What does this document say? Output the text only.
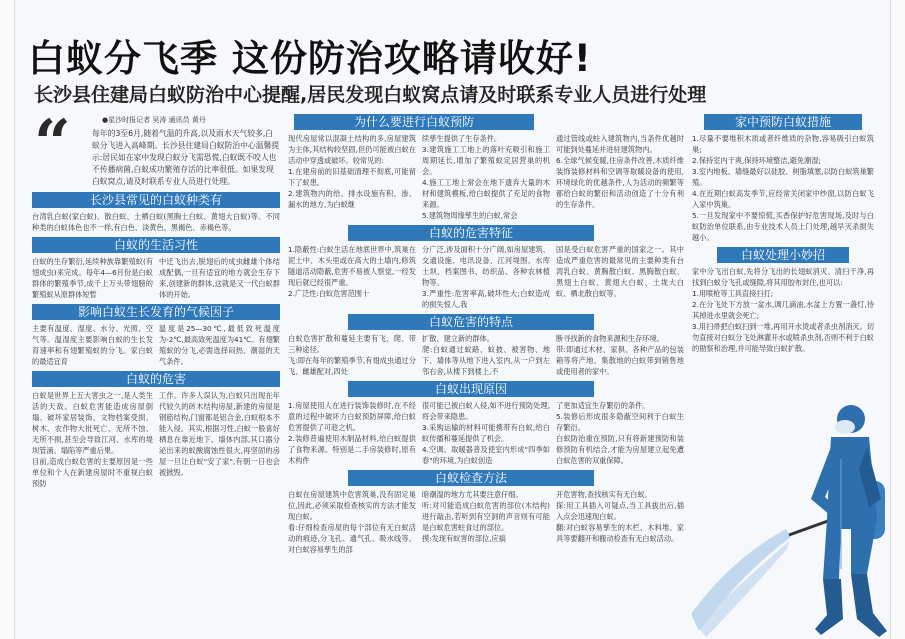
白蚁分飞季 这份防治攻略请收好!
长沙县住建局白蚁防治中心提醒,居民发现白蚁窝点请及时联系专业人员进行处理
“	●星沙时报记者 吴涛 通讯员 黄丹
每年的3至6月,随着气温的升高,以及雨水天气较多,白蚁分飞进入高峰期。长沙县住建局白蚁防治中心温馨提示:居民如在家中发现白蚁分飞需恐慌,白蚁既不咬人也不传播病菌,白蚁成功繁殖存活的比率很低。如果发现白蚁窝点,请及时联系专业人员进行处理。
长沙县常见的白蚁种类有
台湾乳白蚁(家白蚁)、散白蚁、土栖白蚁(黑胸土白蚁、黄翅大白蚁)等。不同种类的白蚁体色也不一样,有白色、淡黄色、黑褐色、赤褐色等。
白蚁的生活习性
白蚁的生存繁衍,延续种族靠繁殖蚁(有翅成虫)来完成。每年4—6月份是白蚁群体的繁殖季节,成千上万头带翅膀的繁殖蚁从原群体短暂
中迁飞出去,脱翅后的成虫雌雄个体结成配偶,一旦有适宜的地方就会生存下来,创建新的群体,这就是又一代白蚁群体的开始。
影响白蚁生长发育的气候因子
主要有温度、湿度、水分、光照、空气等。温湿度主要影响白蚁的生长发育速率和有翅繁殖蚁的分飞。家白蚁的最适宜育
温度是25—30℃,最低致死温度为-2℃,最高致死温度为41℃。有翅繁殖蚁的分飞,必需选择闷热、潮湿的天气条件。
白蚁的危害
白蚁是世界上五大害虫之一,是人类生活的天敌。白蚁危害能造成房屋倒塌、破坏家居装饰、文物档案受损、树木、农作物大批死亡、无所不蚀、无所不损,甚至会导致江河、水库的堤坝管涌、塌陷等严重后果。
目前,造成白蚁危害的主要原因是一些单位和个人在新建房屋时不重视白蚁预防
工作。许多人误认为,白蚁只出现在年代较久的砖木结构房屋,新建的房屋是钢筋结构,门窗都是铝合金,白蚁根本不能入侵。其实,根据习性,白蚁一般喜好栖息在靠近地下、墙体内部,其口器分泌出来的蚁酸腐蚀性很大,再坚固的房屋一旦让白蚁"安了家",有朝一日也会被掀毁。
为什么要进行白蚁预防
现代房屋常以混凝土结构的多,房屋建筑为主体,其结构较坚固,但仍可能被白蚁在活动中穿透或破坏。较常见的:
1.在建房前的旧基础清理不彻底,可能留下了蚁患。
2.建筑物内的给、排水设施有积、渗、漏水的地方,为白蚁继
续孳生提供了生存条件。
3.建筑施工工地上的落叶充吸引和施工周期延长,增加了繁殖蚁定居营巢的机会。
4.施工工地上常会在地下遗弃大量的木材和建筑模板,给白蚁提供了充足的食物来源。
5.建筑物周缘孳生的白蚁,常会
通过管线或蛀入建筑物内,当条件优越时可能到处蔓延并进驻建筑物内。
6.全球气候变暖,住房条件改善,木质纤维装饰装修材料和空调等取暖设备的使用,环境绿化的优越条件,人为活动的频繁等都给白蚁的繁衍和活动创造了十分有利的生存条件。
白蚁的危害特征
1.隐蔽性:白蚁生活在地底世界中,筑巢在泥土中、木头里或在高大的土墙内,修筑隧道活动隐蔽,危害不易被人察觉,一经发现后就已经很严重。
2.广泛性:白蚁危害范围十
分广泛,涉及面积十分广阔,如房屋建筑、交通设施、电讯设备、江河堤围、水库土坝、档案图书、纺织品、各种农林植物等。
3.严重性:危害率高,破坏性大;白蚁造成的损失惊人,我
国是受白蚁危害严重的国家之一。其中造成严重危害的最常见的主要种类有台湾乳白蚁、黄胸散白蚁、黑胸散白蚁、黑翅土白蚁、黄翅大白蚁、土垅大白蚁、栖北散白蚁等。
白蚁危害的特点
白蚁危害扩散和蔓延主要有飞、爬、带三种途径。
飞:即在每年的繁殖季节,有翅成虫通过分飞、雌雄配对,四处
扩散、建立新的群体。
爬:白蚁通过蚁路、蚁披、被害物、地下、墙体等从地下进入室内,从一户到左邻右舍,从楼下到楼上,不
断寻找新的食物来源和生存环境。
带:即通过木材、家俱、各种产品的包装箱等将产地、集散地的白蚁带到销售地或使用者的家中。
白蚁出现原因
1.房屋使用人在进行装饰装修时,在不经意的过程中破坏力白蚁预防屏障,给白蚁危害提供了可趁之机。
2.装修普遍使用木制品材料,给白蚁提供了食物来源。特别是二手房装修时,原有木构件
很可能已被白蚁入侵,如不进行预防处理,将会带来隐患。
3.采购运输的材料可能携带有白蚁,给白蚁传播和蔓延提供了机会。
4.空调、取暖器普及使室内形成"四季如春"的环境,为白蚁创造
了更加适宜生存繁衍的条件。
5.装修后形成很多隐蔽空间利于白蚁生存繁衍。
白蚁防治重在预防,只有将新建预防和装修预防有机结合,才能为房屋建立起免遭白蚁危害的双重保障。
白蚁检查方法
白蚁在房屋建筑中危害筑巢,没有固定巢位,因此,必须采取检查核实的方法才能发现白蚁。
看:仔细检查房屋的每个部位有无白蚁活动的痕迹,分飞孔、通气孔、吸水线等。对白蚁容易孳生的部
暗潮湿的地方尤其要注意仔细。
听:对可能造成白蚁危害的部位(木结构)进行敲击,若听到有空洞的声音则有可能是白蚁危害蛀食过的部位。
摸:发现有蚁害的部位,应搞
开危害物,查找核实有无白蚁。
探:用工具插入可疑点,当工具拔出后,插入点会迅速现白蚁。
翻:对白蚁容易孳生的木栏、木料堆、家具等要翻开和搬动检查有无白蚁活动。
家中预防白蚁措施
1.尽量不要堆积木质或者纤维质的杂物,容易吸引白蚁筑巢;
2.保持室内干爽,保持环境整洁,避免潮湿;
3.室内地板、墙缝最好以硅胶、树脂填塞,以防白蚁筑巢繁殖。
4.在近期白蚁高发季节,应经常关闭家中纱窗,以防白蚁飞入家中筑巢。
5.一旦发现家中不要惊慌,买香保护好危害现场,及时与白蚁防治单位联系,由专业技术人员上门处理,越早灭杀损失越小。
白蚁处理小妙招
家中分飞出白蚁,先将分飞出的长翅蚁消灭、清扫干净,再找到白蚁分飞孔或缝隙,将其用胶布封住,也可以:
1.用喷枪等工具直接扫打;
2.在分飞处下方放一盆水,调几滴油,水盆上方置一盏灯,待其掉进水里就会死亡;
3.用扫帚把白蚁扫到一堆,再用开水烫或者杀虫剂消灭。切勿直接对白蚁分飞处淋灌开水或喷杀虫剂,否则不利于白蚁的勘察和治理,并可能导致白蚁扩散。
